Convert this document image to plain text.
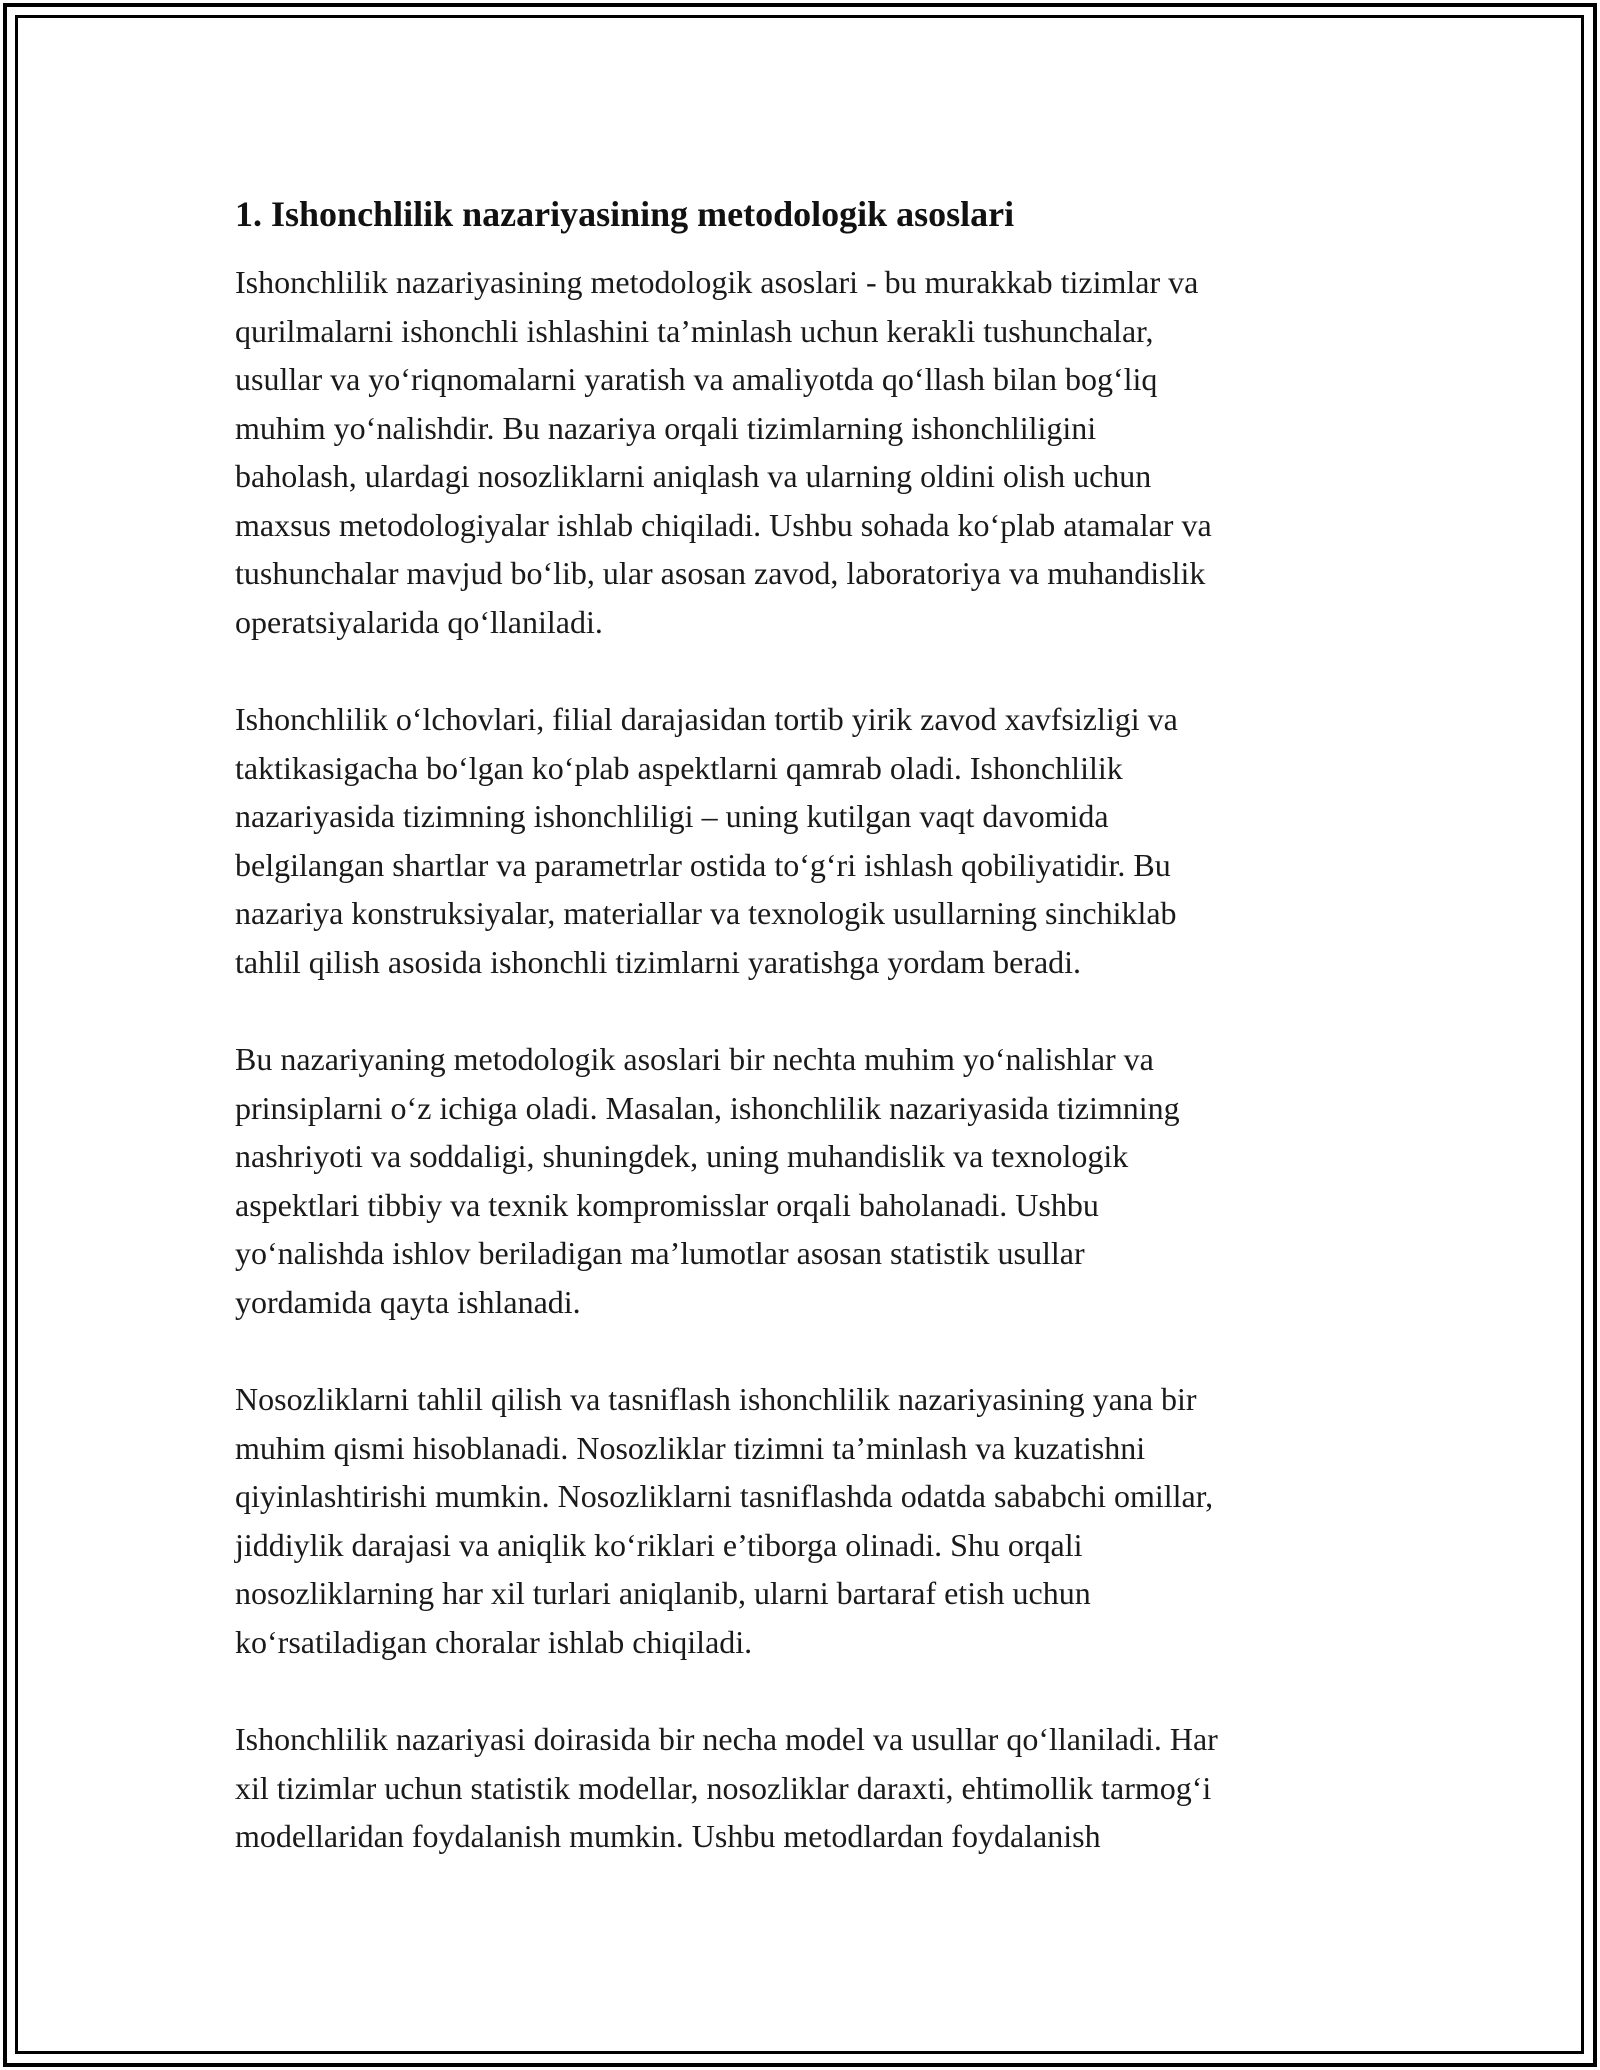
1. Ishonchlilik nazariyasining metodologik asoslari
Ishonchlilik nazariyasining metodologik asoslari - bu murakkab tizimlar va
qurilmalarni ishonchli ishlashini ta’minlash uchun kerakli tushunchalar,
usullar va yoʻriqnomalarni yaratish va amaliyotda qoʻllash bilan bogʻliq
muhim yoʻnalishdir. Bu nazariya orqali tizimlarning ishonchliligini
baholash, ulardagi nosozliklarni aniqlash va ularning oldini olish uchun
maxsus metodologiyalar ishlab chiqiladi. Ushbu sohada koʻplab atamalar va
tushunchalar mavjud boʻlib, ular asosan zavod, laboratoriya va muhandislik
operatsiyalarida qoʻllaniladi.
Ishonchlilik oʻlchovlari, filial darajasidan tortib yirik zavod xavfsizligi va
taktikasigacha boʻlgan koʻplab aspektlarni qamrab oladi. Ishonchlilik
nazariyasida tizimning ishonchliligi – uning kutilgan vaqt davomida
belgilangan shartlar va parametrlar ostida toʻgʻri ishlash qobiliyatidir. Bu
nazariya konstruksiyalar, materiallar va texnologik usullarning sinchiklab
tahlil qilish asosida ishonchli tizimlarni yaratishga yordam beradi.
Bu nazariyaning metodologik asoslari bir nechta muhim yoʻnalishlar va
prinsiplarni oʻz ichiga oladi. Masalan, ishonchlilik nazariyasida tizimning
nashriyoti va soddaligi, shuningdek, uning muhandislik va texnologik
aspektlari tibbiy va texnik kompromisslar orqali baholanadi. Ushbu
yoʻnalishda ishlov beriladigan ma’lumotlar asosan statistik usullar
yordamida qayta ishlanadi.
Nosozliklarni tahlil qilish va tasniflash ishonchlilik nazariyasining yana bir
muhim qismi hisoblanadi. Nosozliklar tizimni ta’minlash va kuzatishni
qiyinlashtirishi mumkin. Nosozliklarni tasniflashda odatda sababchi omillar,
jiddiylik darajasi va aniqlik koʻriklari e’tiborga olinadi. Shu orqali
nosozliklarning har xil turlari aniqlanib, ularni bartaraf etish uchun
koʻrsatiladigan choralar ishlab chiqiladi.
Ishonchlilik nazariyasi doirasida bir necha model va usullar qoʻllaniladi. Har
xil tizimlar uchun statistik modellar, nosozliklar daraxti, ehtimollik tarmogʻi
modellaridan foydalanish mumkin. Ushbu metodlardan foydalanish
